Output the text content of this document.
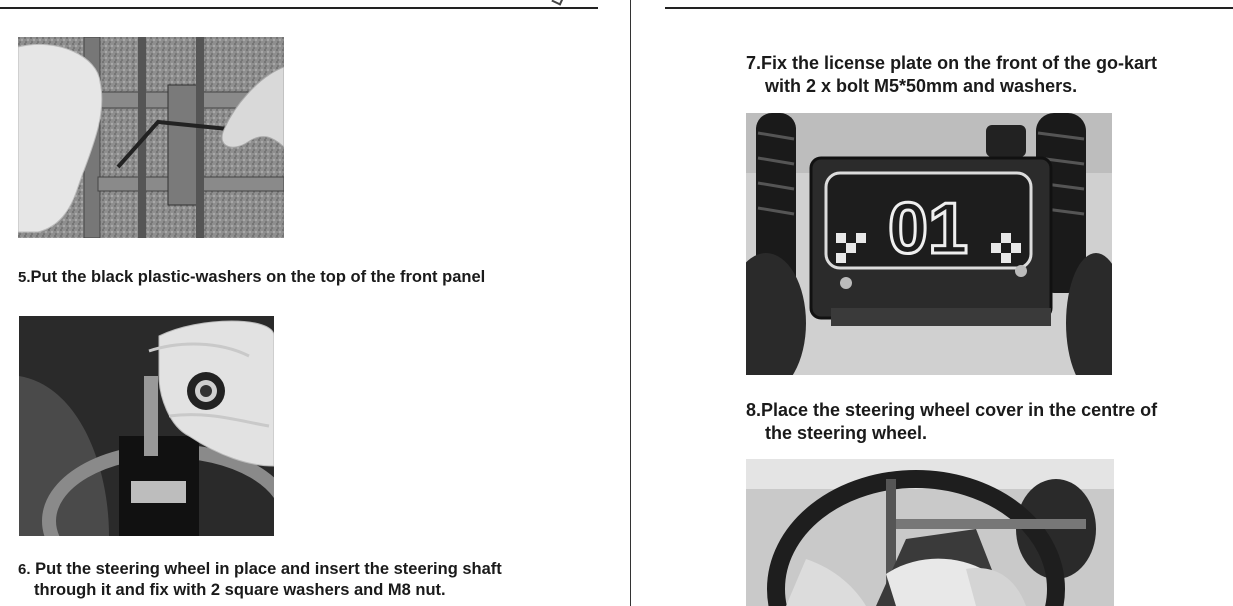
5.Put the black plastic-washers on the top of the front panel
6. Put the steering wheel in place and insert the steering shaft
through it and fix with 2 square washers and M8 nut.
7.Fix the license plate on the front of the go-kart
with 2 x bolt M5*50mm and washers.
01
8.Place the steering wheel cover in the centre of
the steering wheel.
